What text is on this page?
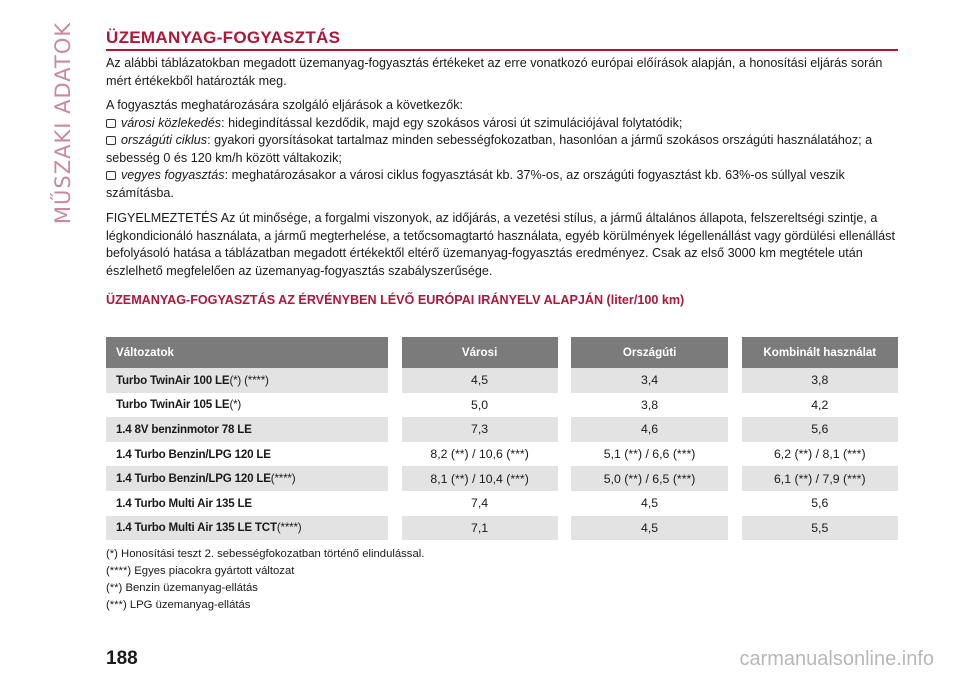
MŰSZAKI ADATOK ÜZEMANYAG-FOGYASZTÁS

Az alábbi táblázatokban megadott üzemanyag-fogyasztás értékeket az erre vonatkozó európai előírások alapján, a honosítási eljárás során mért értékekből határozták meg.

A fogyasztás meghatározására szolgáló eljárások a következők:

városi közlekedés: hidegindítással kezdődik, majd egy szokásos városi út szimulációjával folytatódik;

országúti ciklus: gyakori gyorsításokat tartalmaz minden sebességfokozatban, hasonlóan a jármű szokásos országúti használatához; a sebesség 0 és 120 km/h között váltakozik;

vegyes fogyasztás: meghatározásakor a városi ciklus fogyasztását kb. 37%-os, az országúti fogyasztást kb. 63%-os súllyal veszik számításba.

FIGYELMEZTETÉS Az út minősége, a forgalmi viszonyok, az időjárás, a vezetési stílus, a jármű általános állapota, felszereltségi szintje, a légkondicionáló használata, a jármű megterhelése, a tetőcsomagtartó használata, egyéb körülmények légellenállást vagy gördülési ellenállást befolyásoló hatása a táblázatban megadott értékektől eltérő üzemanyag-fogyasztás eredményez. Csak az első 3000 km megtétele után észlelhető megfelelően az üzemanyag-fogyasztás szabályszerűsége.

ÜZEMANYAG-FOGYASZTÁS AZ ÉRVÉNYBEN LÉVŐ EURÓPAI IRÁNYELV ALAPJÁN (liter/100 km)
Változatok		Városi		Országúti		Kombinált használat
Turbo TwinAir 100 LE(*) (****)		4,5		3,4		3,8
Turbo TwinAir 105 LE(*)		5,0		3,8		4,2
1.4 8V benzinmotor 78 LE		7,3		4,6		5,6
1.4 Turbo Benzin/LPG 120 LE		8,2 (**) / 10,6 (***)		5,1 (**) / 6,6 (***)		6,2 (**) / 8,1 (***)
1.4 Turbo Benzin/LPG 120 LE(****)		8,1 (**) / 10,4 (***)		5,0 (**) / 6,5 (***)		6,1 (**) / 7,9 (***)
1.4 Turbo Multi Air 135 LE		7,4		4,5		5,6
1.4 Turbo Multi Air 135 LE TCT(****)		7,1		4,5		5,5
(*) Honosítási teszt 2. sebességfokozatban történő elindulással.
(****) Egyes piacokra gyártott változat
(**) Benzin üzemanyag-ellátás
(***) LPG üzemanyag-ellátás
188	carmanualsonline.info
